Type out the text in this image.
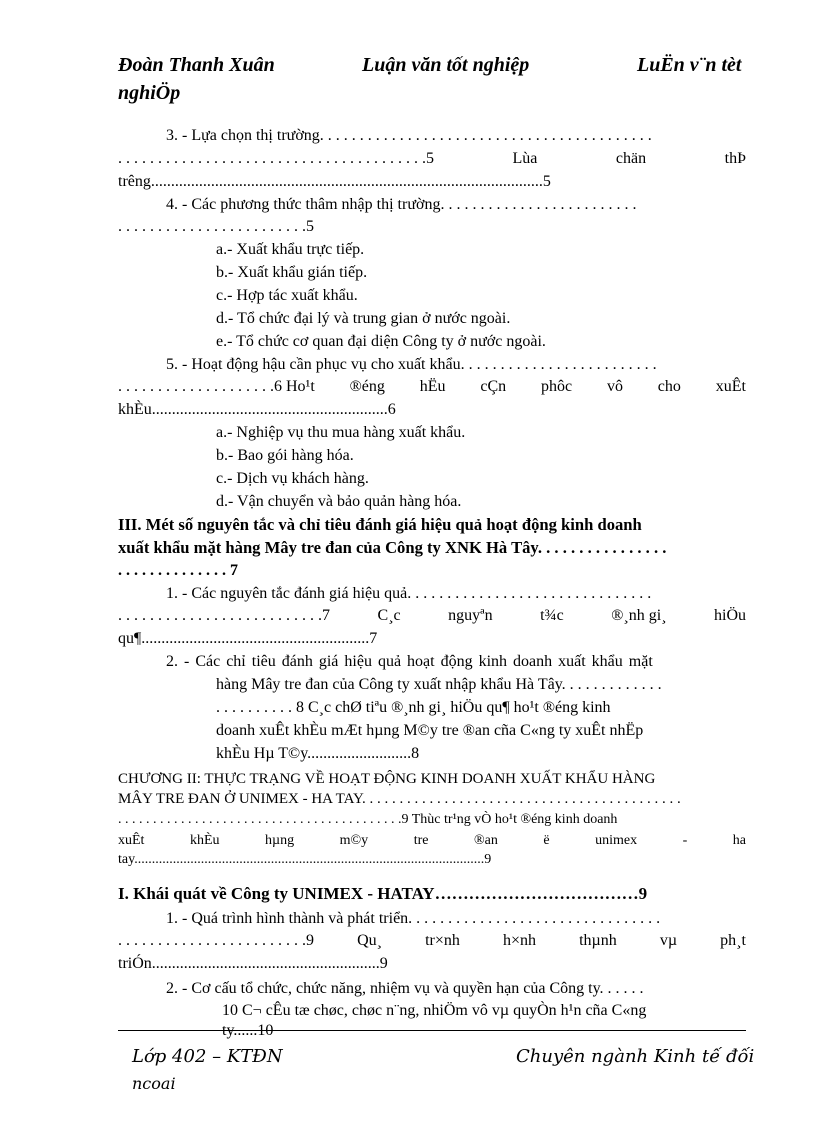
Đoàn Thanh Xuân	Luận văn tốt nghiệp	LuËn v¨n tèt
nghiÖp
3. - Lựa chọn thị trường. . . . . . . . . . . . . . . . . . . . . . . . . . . . . . . . . . . . . . . . . .
. . . . . . . . . . . . . . . . . . . . . . . . . . . . . . . . . . . . . . .5	Lùa	chän	thÞ
trêng..................................................................................................5
4. - Các phương thức thâm nhập thị trường. . . . . . . . . . . . . . . . . . . . . . . . .
. . . . . . . . . . . . . . . . . . . . . . . .5
a.- Xuất khẩu trực tiếp.
b.- Xuất khẩu gián tiếp.
c.- Hợp tác xuất khẩu.
d.- Tổ chức đại lý và trung gian ở nước ngoài.
e.- Tổ chức cơ quan đại diện Công ty ở nước ngoài.
5. - Hoạt động hậu cần phục vụ cho xuất khẩu. . . . . . . . . . . . . . . . . . . . . . . . .
. . . . . . . . . . . . . . . . . . . .6 Ho¹t ®éng hËu cÇn phôc vô cho xuÊt
khÈu...........................................................6
a.- Nghiệp vụ thu mua hàng xuất khẩu.
b.- Bao gói hàng hóa.
c.- Dịch vụ khách hàng.
d.- Vận chuyển và bảo quản hàng hóa.
III. Mét số nguyên tắc và chỉ tiêu đánh giá hiệu quả hoạt động kinh doanh
xuất khẩu mặt hàng Mây tre đan của Công ty XNK Hà Tây. . . . . . . . . . . . . . . .
. . . . . . . . . . . . . . 7
1. - Các nguyên tắc đánh giá hiệu quả. . . . . . . . . . . . . . . . . . . . . . . . . . . . . . .
. . . . . . . . . . . . . . . . . . . . . . . . . .7	C¸c	nguyªn	t¾c	®¸nh gi¸	hiÖu
qu¶.........................................................7
2. - Các chỉ tiêu đánh giá hiệu quả hoạt động kinh doanh xuất khẩu mặt
hàng Mây tre đan của Công ty xuất nhập khẩu Hà Tây. . . . . . . . . . . . .
. . . . . . . . . . 8 C¸c chØ tiªu ®¸nh gi¸ hiÖu qu¶ ho¹t ®éng kinh
doanh xuÊt khÈu mÆt hµng M©y tre ®an cña C«ng ty xuÊt nhËp
khÈu Hµ T©y..........................8
CHƯƠNG II: THỰC TRẠNG VỀ HOẠT ĐỘNG KINH DOANH XUẤT KHẨU HÀNG
MÂY TRE ĐAN Ở UNIMEX - HA TAY. . . . . . . . . . . . . . . . . . . . . . . . . . . . . . . . . . . . . . . . . . .
. . . . . . . . . . . . . . . . . . . . . . . . . . . . . . . . . . . . . . . . .9 Thùc tr¹ng vÒ ho¹t ®éng kinh doanh
xuÊt	khÈu	hµng	m©y	tre	®an	ë	unimex	-	ha
tay....................................................................................................9
I. Khái quát về Công ty UNIMEX - HATAY………………………………9
1. - Quá trình hình thành và phát triển. . . . . . . . . . . . . . . . . . . . . . . . . . . . . . . .
. . . . . . . . . . . . . . . . . . . . . . . .9	Qu¸	tr×nh	h×nh	thµnh	vµ	ph¸t
triÓn.........................................................9
2. - Cơ cấu tổ chức, chức năng, nhiệm vụ và quyền hạn của Công ty. . . . . .
10 C¬ cÊu tæ chøc, chøc n¨ng, nhiÖm vô vµ quyÒn h¹n cña C«ng
ty......10
Lớp 402 – KTĐN
ncoai
Chuyên ngành Kinh tế đối
